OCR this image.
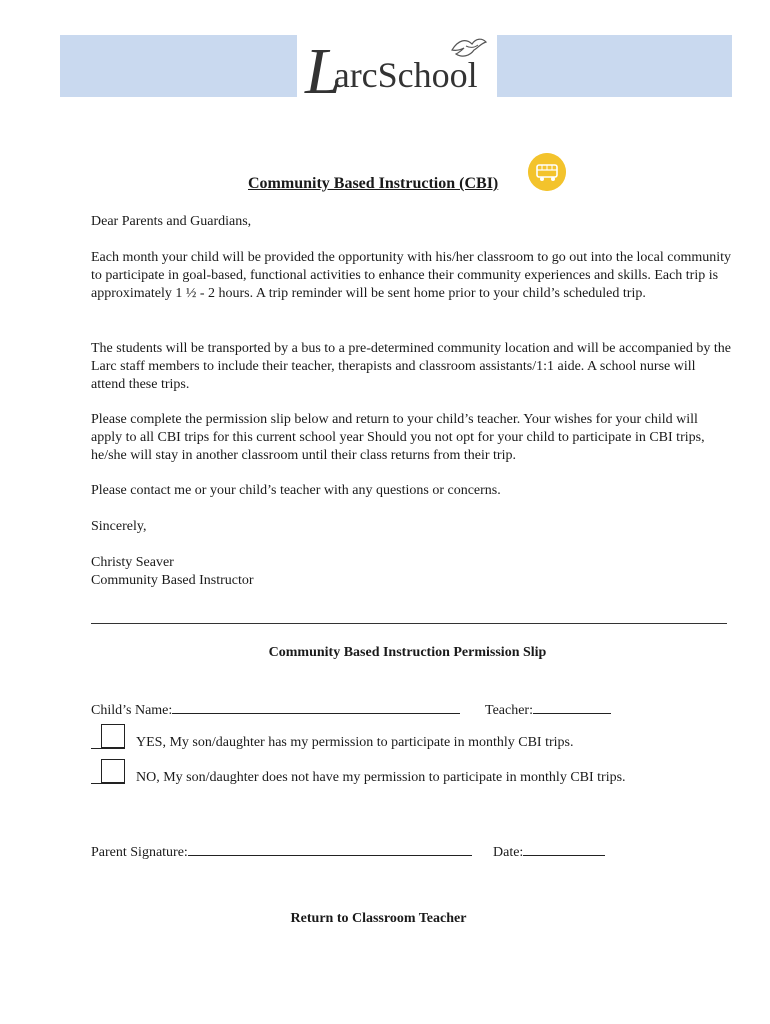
LarcSchool
Community Based Instruction (CBI)

Dear Parents and Guardians,

Each month your child will be provided the opportunity with his/her classroom to go out into the local community to participate in goal-based, functional activities to enhance their community experiences and skills. Each trip is approximately 1 ½ - 2 hours. A trip reminder will be sent home prior to your child’s scheduled trip.

The students will be transported by a bus to a pre-determined community location and will be accompanied by the Larc staff members to include their teacher, therapists and classroom assistants/1:1 aide. A school nurse will attend these trips.

Please complete the permission slip below and return to your child’s teacher. Your wishes for your child will apply to all CBI trips for this current school year Should you not opt for your child to participate in CBI trips, he/she will stay in another classroom until their class returns from their trip.

Please contact me or your child’s teacher with any questions or concerns.

Sincerely,

Christy Seaver

Community Based Instructor

Community Based Instruction Permission Slip
Child’s Name:	Teacher:
YES, My son/daughter has my permission to participate in monthly CBI trips.
NO, My son/daughter does not have my permission to participate in monthly CBI trips.
Parent Signature:	Date:
Return to Classroom Teacher
